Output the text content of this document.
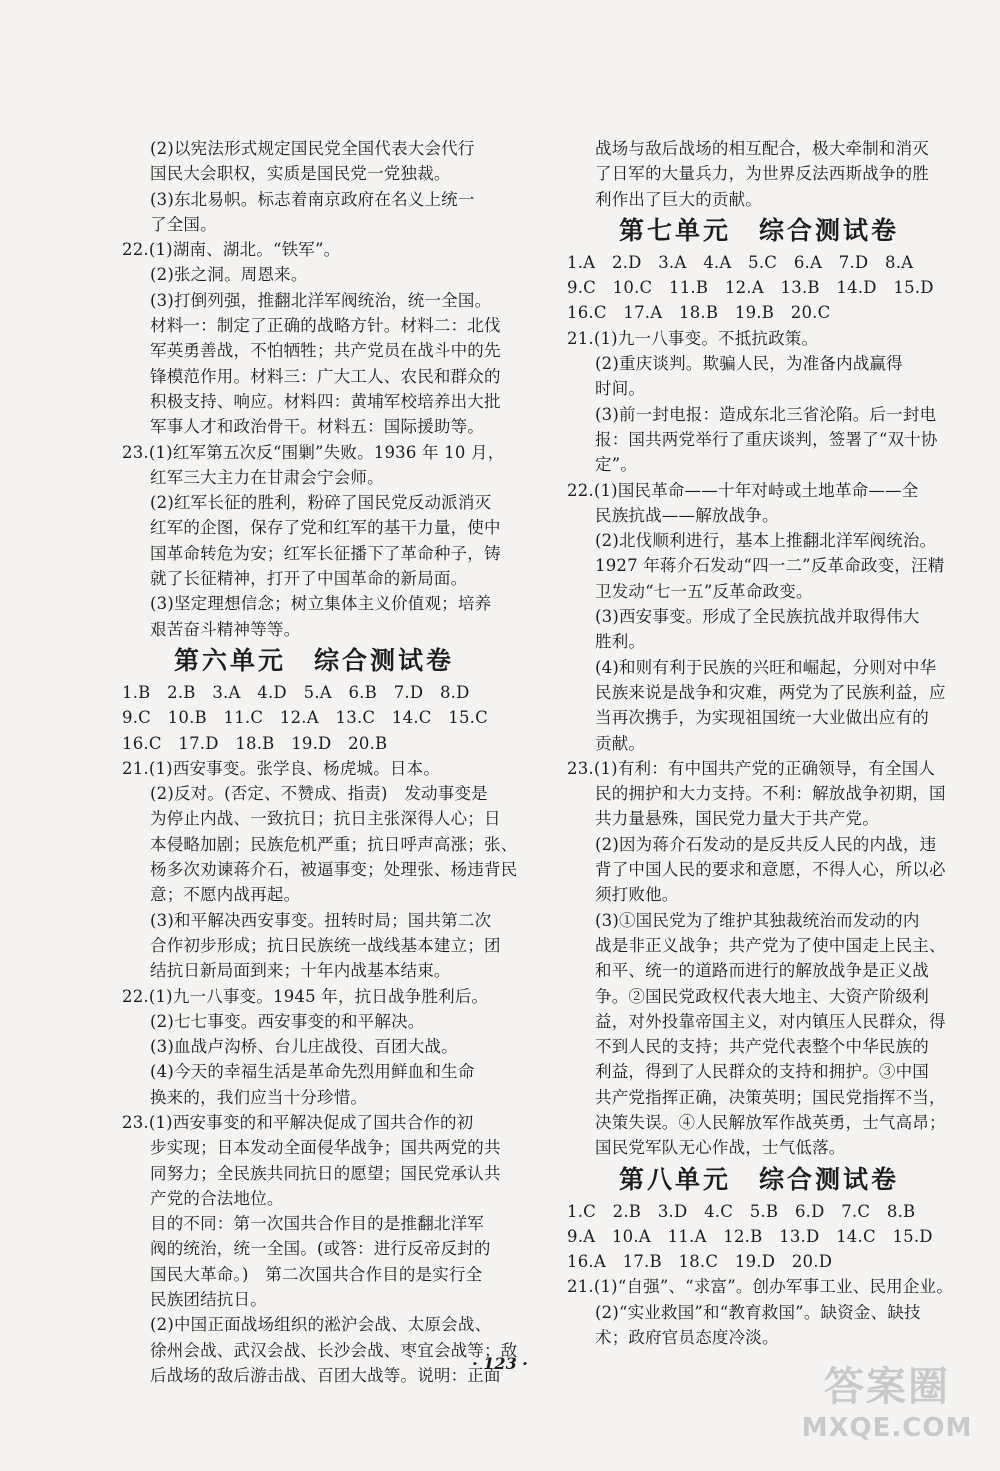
(2)以宪法形式规定国民党全国代表大会代行
国民大会职权，实质是国民党一党独裁。
(3)东北易帜。标志着南京政府在名义上统一
了全国。
22.(1)湖南、湖北。“铁军”。
(2)张之洞。周恩来。
(3)打倒列强，推翻北洋军阀统治，统一全国。
材料一：制定了正确的战略方针。材料二：北伐
军英勇善战，不怕牺牲；共产党员在战斗中的先
锋模范作用。材料三：广大工人、农民和群众的
积极支持、响应。材料四：黄埔军校培养出大批
军事人才和政治骨干。材料五：国际援助等。
23.(1)红军第五次反“围剿”失败。1936 年 10 月，
红军三大主力在甘肃会宁会师。
(2)红军长征的胜利，粉碎了国民党反动派消灭
红军的企图，保存了党和红军的基干力量，使中
国革命转危为安；红军长征播下了革命种子，铸
就了长征精神，打开了中国革命的新局面。
(3)坚定理想信念；树立集体主义价值观；培养
艰苦奋斗精神等等。
第六单元　综合测试卷
1.B　2.B　3.A　4.D　5.A　6.B　7.D　8.D
9.C　10.B　11.C　12.A　13.C　14.C　15.C
16.C　17.D　18.B　19.D　20.B
21.(1)西安事变。张学良、杨虎城。日本。
(2)反对。(否定、不赞成、指责)　发动事变是
为停止内战、一致抗日；抗日主张深得人心；日
本侵略加剧；民族危机严重；抗日呼声高涨；张、
杨多次劝谏蒋介石，被逼事变；处理张、杨违背民
意；不愿内战再起。
(3)和平解决西安事变。扭转时局；国共第二次
合作初步形成；抗日民族统一战线基本建立；团
结抗日新局面到来；十年内战基本结束。
22.(1)九一八事变。1945 年，抗日战争胜利后。
(2)七七事变。西安事变的和平解决。
(3)血战卢沟桥、台儿庄战役、百团大战。
(4)今天的幸福生活是革命先烈用鲜血和生命
换来的，我们应当十分珍惜。
23.(1)西安事变的和平解决促成了国共合作的初
步实现；日本发动全面侵华战争；国共两党的共
同努力；全民族共同抗日的愿望；国民党承认共
产党的合法地位。
目的不同：第一次国共合作目的是推翻北洋军
阀的统治，统一全国。(或答：进行反帝反封的
国民大革命。)　第二次国共合作目的是实行全
民族团结抗日。
(2)中国正面战场组织的淞沪会战、太原会战、
徐州会战、武汉会战、长沙会战、枣宜会战等；敌
后战场的敌后游击战、百团大战等。说明：正面
战场与敌后战场的相互配合，极大牵制和消灭
了日军的大量兵力，为世界反法西斯战争的胜
利作出了巨大的贡献。
第七单元　综合测试卷
1.A　2.D　3.A　4.A　5.C　6.A　7.D　8.A
9.C　10.C　11.B　12.A　13.B　14.D　15.D
16.C　17.A　18.B　19.B　20.C
21.(1)九一八事变。不抵抗政策。
(2)重庆谈判。欺骗人民，为准备内战赢得
时间。
(3)前一封电报：造成东北三省沦陷。后一封电
报：国共两党举行了重庆谈判，签署了“双十协
定”。
22.(1)国民革命——十年对峙或土地革命——全
民族抗战——解放战争。
(2)北伐顺利进行，基本上推翻北洋军阀统治。
1927 年蒋介石发动“四一二”反革命政变，汪精
卫发动“七一五”反革命政变。
(3)西安事变。形成了全民族抗战并取得伟大
胜利。
(4)和则有利于民族的兴旺和崛起，分则对中华
民族来说是战争和灾难，两党为了民族利益，应
当再次携手，为实现祖国统一大业做出应有的
贡献。
23.(1)有利：有中国共产党的正确领导，有全国人
民的拥护和大力支持。不利：解放战争初期，国
共力量悬殊，国民党力量大于共产党。
(2)因为蒋介石发动的是反共反人民的内战，违
背了中国人民的要求和意愿，不得人心，所以必
须打败他。
(3)①国民党为了维护其独裁统治而发动的内
战是非正义战争；共产党为了使中国走上民主、
和平、统一的道路而进行的解放战争是正义战
争。②国民党政权代表大地主、大资产阶级利
益，对外投靠帝国主义，对内镇压人民群众，得
不到人民的支持；共产党代表整个中华民族的
利益，得到了人民群众的支持和拥护。③中国
共产党指挥正确，决策英明；国民党指挥不当，
决策失误。④人民解放军作战英勇，士气高昂；
国民党军队无心作战，士气低落。
第八单元　综合测试卷
1.C　2.B　3.D　4.C　5.B　6.D　7.C　8.B
9.A　10.A　11.A　12.B　13.D　14.C　15.D
16.A　17.B　18.C　19.D　20.D
21.(1)“自强”、“求富”。创办军事工业、民用企业。
(2)“实业救国”和“教育救国”。缺资金、缺技
术；政府官员态度冷淡。
· 123 ·
答案圈
MXQE.COM
